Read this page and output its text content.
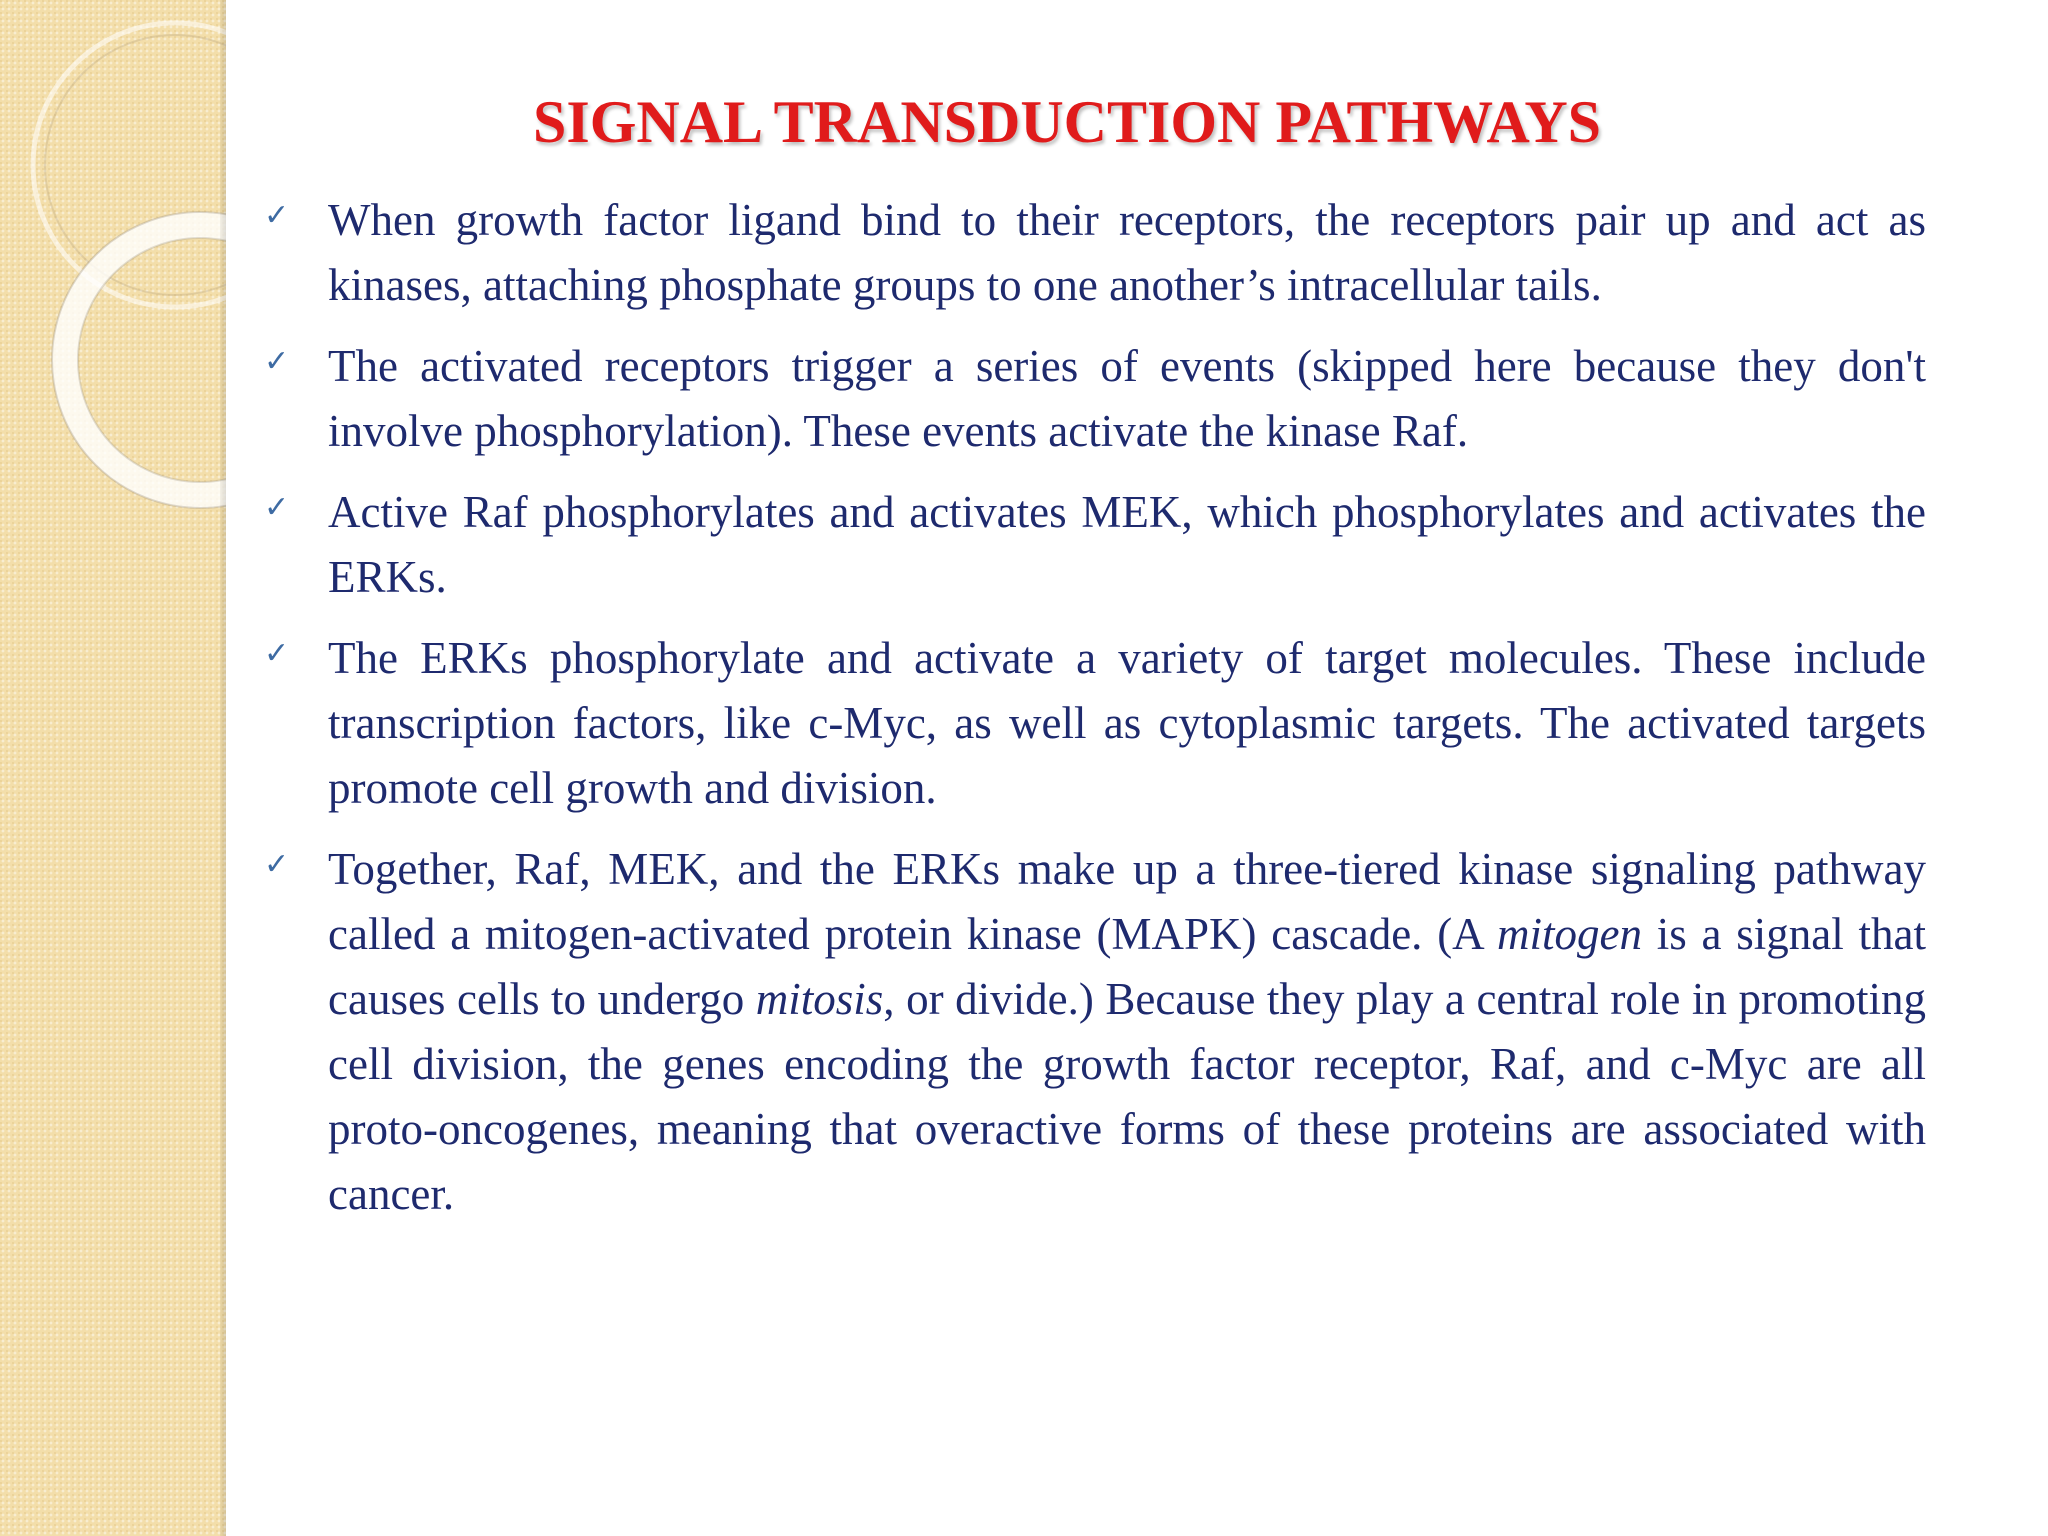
SIGNAL TRANSDUCTION PATHWAYS
✓ When growth factor ligand bind to their receptors, the receptors pair up and act as kinases, attaching phosphate groups to one another’s intracellular tails.
✓ The activated receptors trigger a series of events (skipped here because they don't involve phosphorylation). These events activate the kinase Raf.
✓ Active Raf phosphorylates and activates MEK, which phosphorylates and activates the ERKs.
✓ The ERKs phosphorylate and activate a variety of target molecules. These include transcription factors, like c-Myc, as well as cytoplasmic targets. The activated targets promote cell growth and division.
✓ Together, Raf, MEK, and the ERKs make up a three-tiered kinase signaling pathway called a mitogen-activated protein kinase (MAPK) cascade. (A mitogen is a signal that causes cells to undergo mitosis, or divide.) Because they play a central role in promoting cell division, the genes encoding the growth factor receptor, Raf, and c-Myc are all proto-oncogenes, meaning that overactive forms of these proteins are associated with cancer.
